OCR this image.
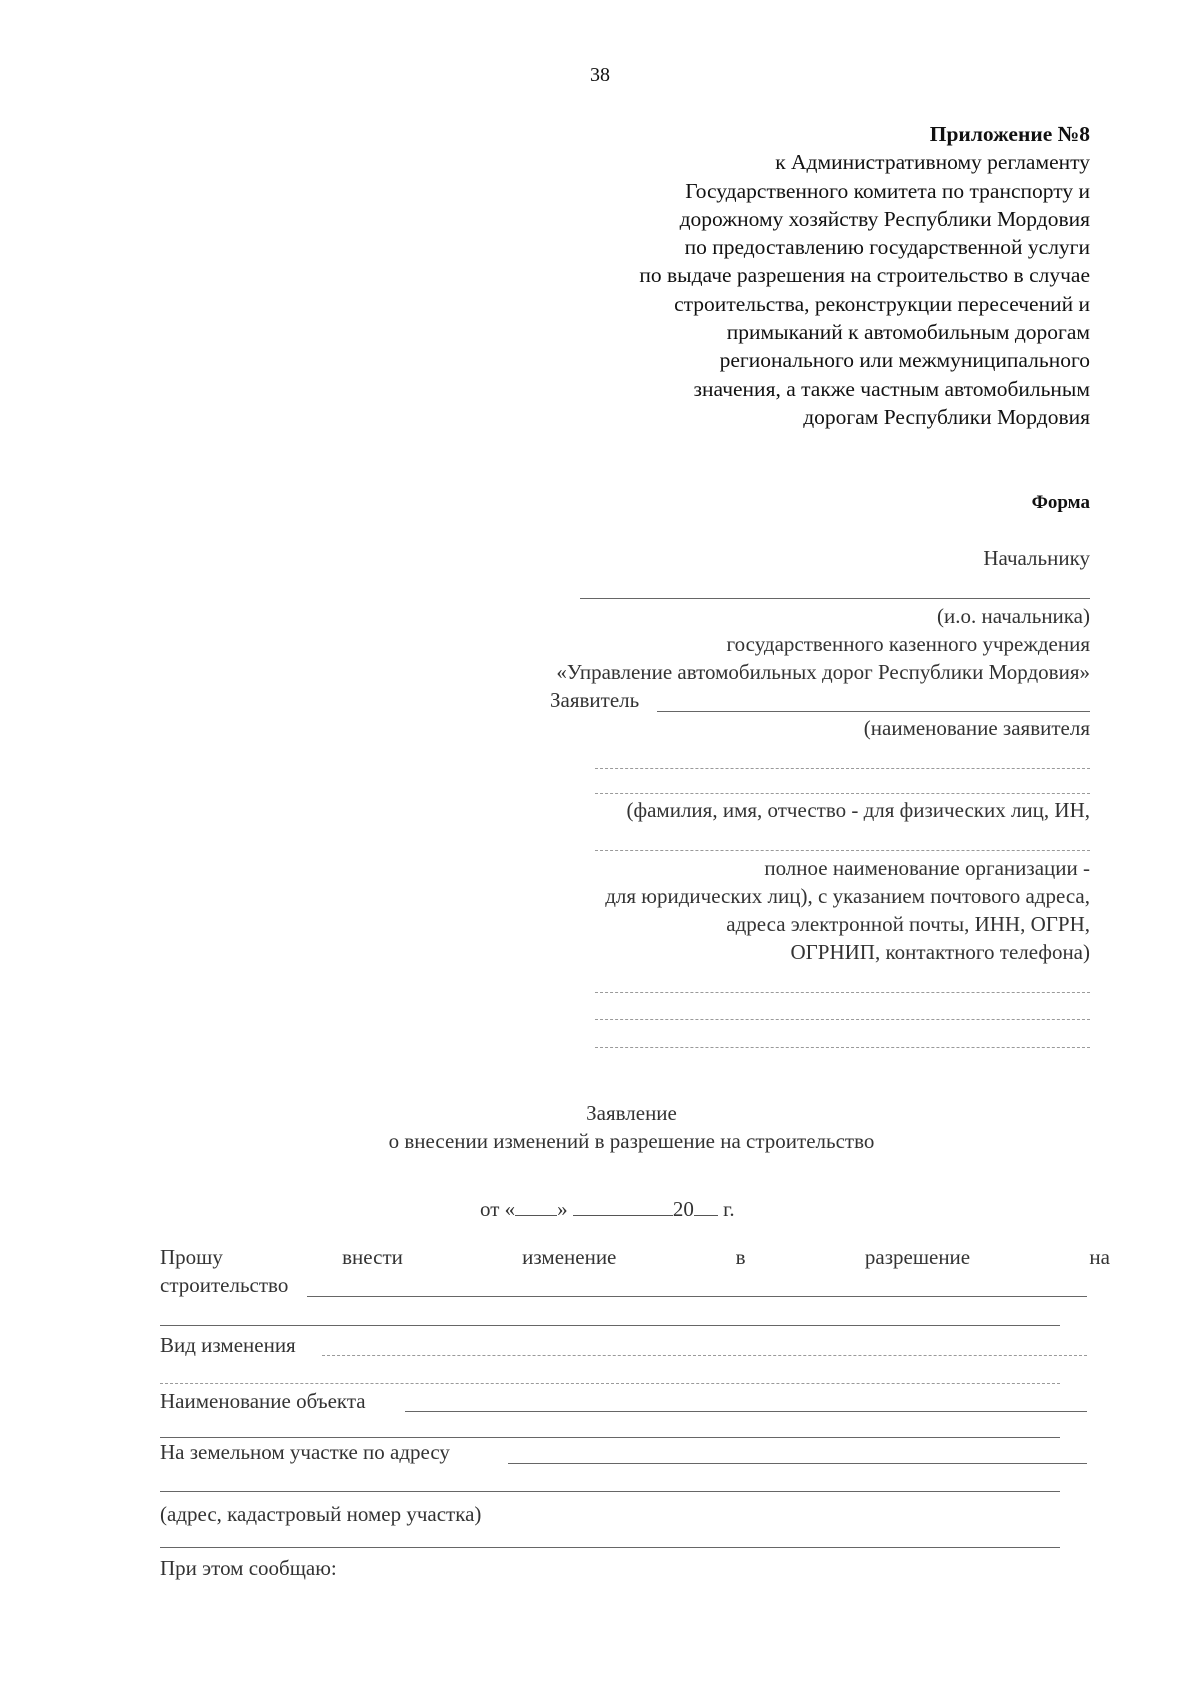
38
Приложение №8
к Административному регламенту
Государственного комитета по транспорту и
дорожному хозяйству Республики Мордовия
по предоставлению государственной услуги
по выдаче разрешения на строительство в случае
строительства, реконструкции пересечений и
примыканий к автомобильным дорогам
регионального или межмуниципального
значения, а также частным автомобильным
дорогам Республики Мордовия
Форма
Начальнику
(и.о. начальника)
государственного казенного учреждения
«Управление автомобильных дорог Республики Мордовия»
Заявитель
(наименование заявителя
(фамилия, имя, отчество - для физических лиц, ИН,
полное наименование организации -
для юридических лиц), с указанием почтового адреса,
адреса электронной почты, ИНН, ОГРН,
ОГРНИП, контактного телефона)
Заявление
о внесении изменений в разрешение на строительство
от « »	20 г.
Прошу	внести	изменение	в	разрешение	на
строительство
Вид изменения
Наименование объекта
На земельном участке по адресу
(адрес, кадастровый номер участка)
При этом сообщаю:
